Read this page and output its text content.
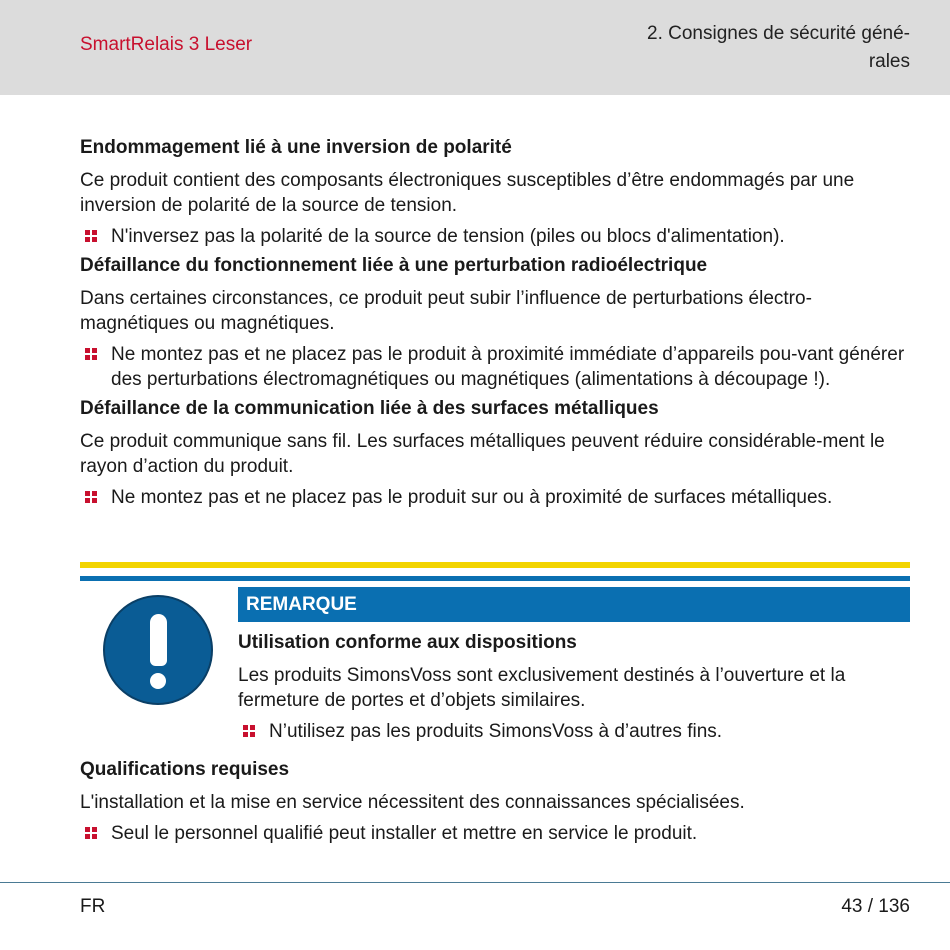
SmartRelais 3 Leser
2. Consignes de sécurité géné-
rales
Endommagement lié à une inversion de polarité

Ce produit contient des composants électroniques susceptibles d’être endommagés par une inversion de polarité de la source de tension.

N'inversez pas la polarité de la source de tension (piles ou blocs d'alimentation).
Défaillance du fonctionnement liée à une perturbation radioélectrique

Dans certaines circonstances, ce produit peut subir l’influence de perturbations électro-magnétiques ou magnétiques.

Ne montez pas et ne placez pas le produit à proximité immédiate d’appareils pou-vant générer des perturbations électromagnétiques ou magnétiques (alimentations à découpage !).
Défaillance de la communication liée à des surfaces métalliques

Ce produit communique sans fil. Les surfaces métalliques peuvent réduire considérable-ment le rayon d’action du produit.

Ne montez pas et ne placez pas le produit sur ou à proximité de surfaces métalliques.
REMARQUE
Utilisation conforme aux dispositions

Les produits SimonsVoss sont exclusivement destinés à l’ouverture et la fermeture de portes et d’objets similaires.

N’utilisez pas les produits SimonsVoss à d’autres fins.
Qualifications requises

L'installation et la mise en service nécessitent des connaissances spécialisées.

Seul le personnel qualifié peut installer et mettre en service le produit.
FR	43 / 136
